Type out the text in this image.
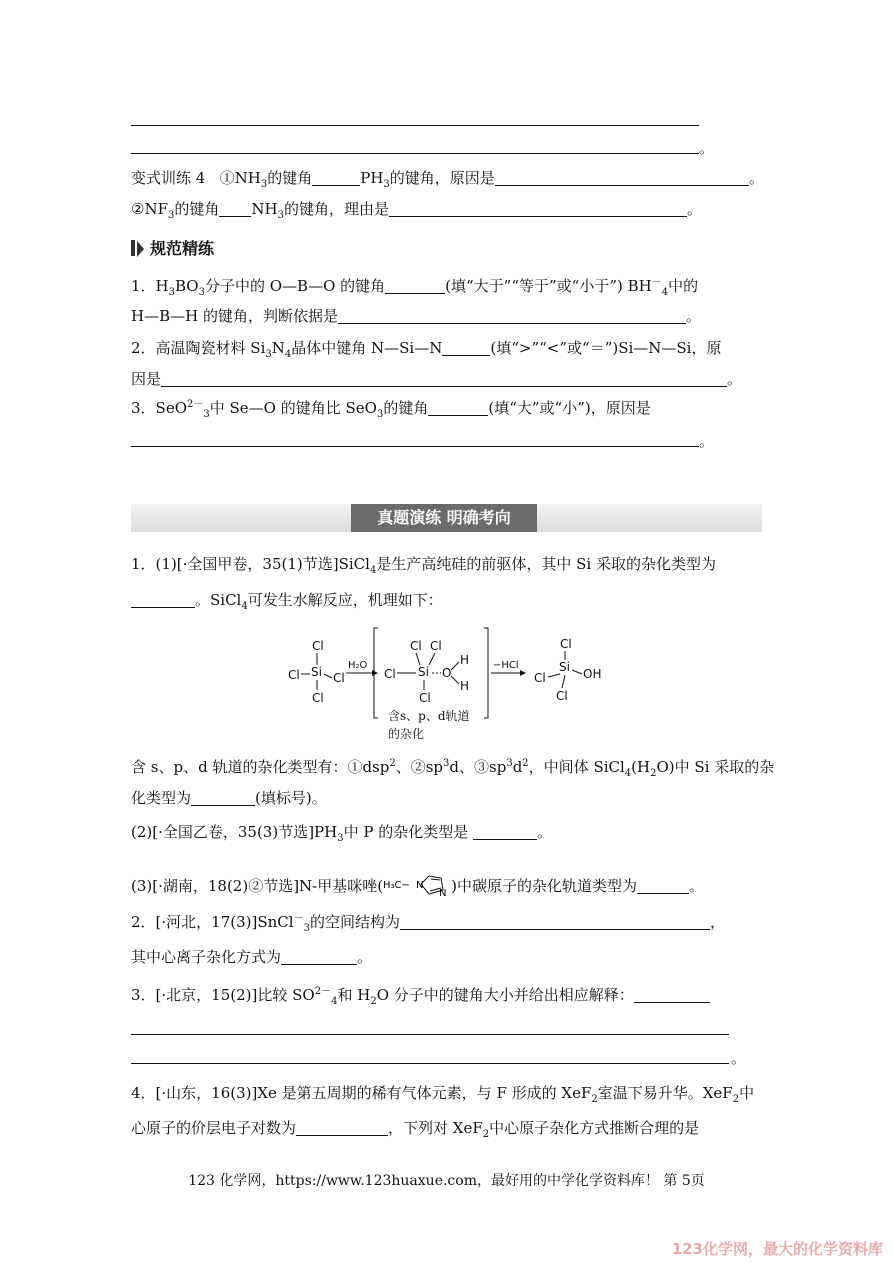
。
变式训练 4 $①NH_3$的键角	$PH_3$的键角，原因是	。
$②NF_3$的键角 $NH_3$的键角，理由是	。
规范精练
1．$H_3BO_3$分子中的 O—B—O 的键角	(填“大于”“等于”或“小于”) $BH^-_4$中的
H—B—H 的键角，判断依据是	。
2．高温陶瓷材料 $Si_3N_4$晶体中键角 N—Si—N	(填“>”“<”或“＝”)Si—N—Si，原
因是	。
3．SeO$^{2-}_3$中 Se—O 的键角比 SeO$_3$的键角	(填“大”或“小”)，原因是
。
真题演练 明确考向
1．(1)[·全国甲卷，35(1)节选]SiCl$_4$是生产高纯硅的前驱体，其中 Si 采取的杂化类型为
。SiCl$_4$可发生水解反应，机理如下：
Cl
Si
Cl	Cl
Cl
H₂O
Cl Cl
Si
Cl	O
H
H
Cl
含s、p、d轨道
的杂化
−HCl
Cl
Si OH
Cl
Cl
含 s、p、d 轨道的杂化类型有：①dsp$^2$、$②sp^3d$、$③sp^3d^2$，中间体 $SiCl_4(H_2O)$中 Si 采取的杂
化类型为	(填标号)。
(2)[·全国乙卷，35(3)节选]$PH_3$中 P 的杂化类型是	。
(3)[·湖南，18(2)②节选]N-甲基咪唑( H₃C− N
N )中碳原子的杂化轨道类型为	。
2．[·河北，17(3)]SnCl－$_3$的空间结构为	，
其中心离子杂化方式为	。
3．[·北京，15(2)]比较 $SO^{2-}_4$和 $H_2O$ 分子中的键角大小并给出相应解释：
。
4．[·山东，16(3)]Xe 是第五周期的稀有气体元素，与 F 形成的 XeF$_2$室温下易升华。XeF$_2$中
心原子的价层电子对数为	，下列对 XeF$_2$中心原子杂化方式推断合理的是
123 化学网，https://www.123huaxue.com，最好用的中学化学资料库！ 第 5页
123化学网，最大的化学资料库
